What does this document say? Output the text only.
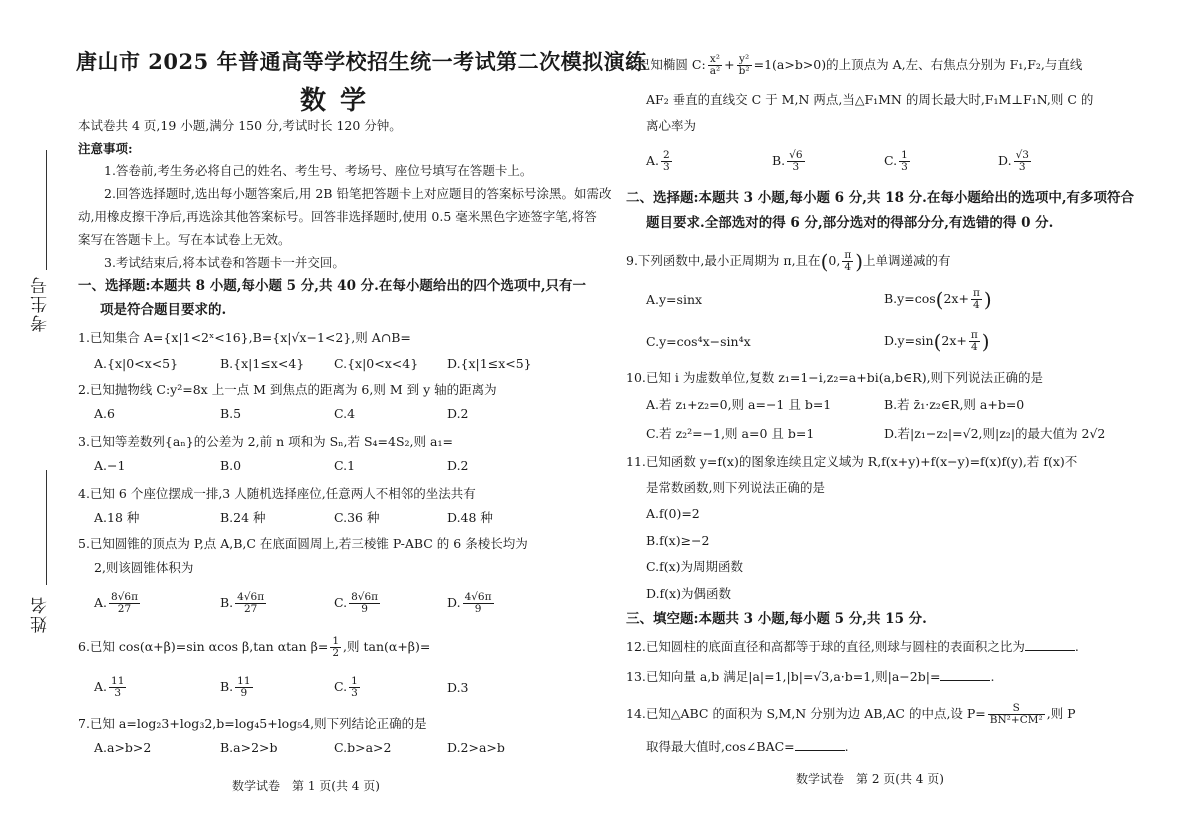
考生号
姓名
唐山市 2025 年普通高等学校招生统一考试第二次模拟演练
数学
本试卷共 4 页,19 小题,满分 150 分,考试时长 120 分钟。
注意事项:
1.答卷前,考生务必将自己的姓名、考生号、考场号、座位号填写在答题卡上。
2.回答选择题时,选出每小题答案后,用 2B 铅笔把答题卡上对应题目的答案标号涂黑。如需改
动,用橡皮擦干净后,再选涂其他答案标号。回答非选择题时,使用 0.5 毫米黑色字迹签字笔,将答
案写在答题卡上。写在本试卷上无效。
3.考试结束后,将本试卷和答题卡一并交回。
一、选择题:本题共 8 小题,每小题 5 分,共 40 分.在每小题给出的四个选项中,只有一
项是符合题目要求的.
1.已知集合 A={x|1<2ˣ<16},B={x|√x−1<2},则 A∩B=
A.{x|0<x<5}	B.{x|1≤x<4} C.{x|0<x<4} D.{x|1≤x<5}
2.已知抛物线 C:y²=8x 上一点 M 到焦点的距离为 6,则 M 到 y 轴的距离为
A.6	B.5	C.4	D.2
3.已知等差数列{aₙ}的公差为 2,前 n 项和为 Sₙ,若 S₄=4S₂,则 a₁=
A.−1	B.0	C.1	D.2
4.已知 6 个座位摆成一排,3 人随机选择座位,任意两人不相邻的坐法共有
A.18 种	B.24 种	C.36 种	D.48 种
5.已知圆锥的顶点为 P,点 A,B,C 在底面圆周上,若三棱锥 P-ABC 的 6 条棱长均为
2,则该圆锥体积为
A. $\frac{8√6\pi}{27}$	B. $\frac{4√6\pi}{27}$	C. $\frac{8√6\pi}{9}$	D. $\frac{4√6\pi}{9}$
6.已知 cos(α+β)=sin αcos β,tan αtan $\beta= \frac{1}{2}$ ,则 tan(α+β)=
A. $\frac{11}{3}$	B. $\frac{11}{9}$	C. $\frac{1}{3}$	D.3
7.已知 a=log₂3+log₃2,b=log₄5+log₅4,则下列结论正确的是
A.a>b>2	B.a>2>b	C.b>a>2	D.2>a>b
数学试卷　第 1 页(共 4 页)
8.已知椭圆 C: $\frac{\text{x²}}{\text{a²}} + \frac{\text{y²}}{\text{b²}} =1(a>b>0)$的上顶点为 A,左、右焦点分别为 F₁,F₂,与直线
AF₂ 垂直的直线交 C 于 M,N 两点,当△F₁MN 的周长最大时,F₁M⊥F₁N,则 C 的
离心率为
A. $\frac{2}{3}$	B. $\frac{√6}{3}$	C. $\frac{1}{3}$	D. $\frac{√3}{3}$
二、选择题:本题共 3 小题,每小题 6 分,共 18 分.在每小题给出的选项中,有多项符合
题目要求.全部选对的得 6 分,部分选对的得部分分,有选错的得 0 分.
9.下列函数中,最小正周期为 π,且在(0, $\frac{\pi}{4}$ )上单调递减的有
A.y=sinx	$B.y=\cos(2x+ \frac{\pi}{4}$ )
C.y=cos⁴x−sin⁴x	$D.y=\sin(2x+ \frac{\pi}{4}$ )
10.已知 i 为虚数单位,复数 z₁=1−i,z₂=a+bi(a,b∈R),则下列说法正确的是
A.若 z₁+z₂=0,则 a=−1 且 b=1	B.若 z̄₁·z₂∈R,则 a+b=0
C.若 z₂²=−1,则 a=0 且 b=1	D.若|z₁−z₂|=√2,则|z₂|的最大值为 2√2
11.已知函数 y=f(x)的图象连续且定义域为 R,f(x+y)+f(x−y)=f(x)f(y),若 f(x)不
是常数函数,则下列说法正确的是
A.f(0)=2
B.f(x)≥−2
C.f(x)为周期函数
D.f(x)为偶函数
三、填空题:本题共 3 小题,每小题 5 分,共 15 分.
12.已知圆柱的底面直径和高都等于球的直径,则球与圆柱的表面积之比为	.
13.已知向量 a,b 满足|a|=1,|b|=√3,a·b=1,则|a−2b|=	.
14.已知△ABC 的面积为 S,M,N 分别为边 AB,AC 的中点,设 $P= \frac{S}{\text{BN²+CM²}}$ ,则 P
取得最大值时,cos∠BAC=	.
数学试卷　第 2 页(共 4 页)
